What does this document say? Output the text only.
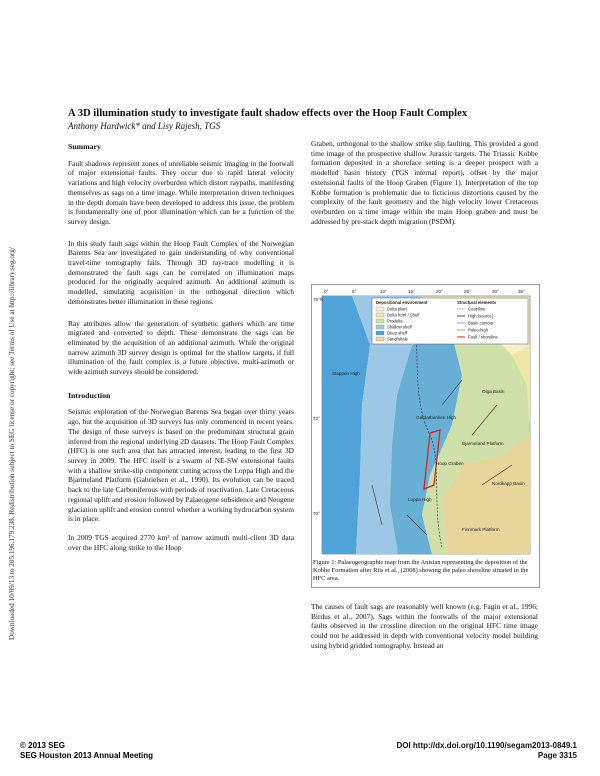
Downloaded 10/09/13 to 205.196.179.238. Redistribution subject to SEG license or copyright; see Terms of Use at http://library.seg.org/
A 3D illumination study to investigate fault shadow effects over the Hoop Fault Complex
Anthony Hardwick* and Lisy Rajesh, TGS
Summary

Fault shadows represent zones of unreliable seismic imaging in the footwall of major extensional faults. They occur due to rapid lateral velocity variations and high velocity overburden which distort raypaths, manifesting themselves as sags on a time image. While interpretation driven techniques in the depth domain have been developed to address this issue, the problem is fundamentally one of poor illumination which can be a function of the survey design.

In this study fault sags within the Hoop Fault Complex of the Norwegian Barents Sea are investigated to gain understanding of why conventional travel-time tomography fails. Through 3D ray-trace modelling it is demonstrated the fault sags can be correlated on illumination maps produced for the originally acquired azimuth. An additional azimuth is modelled, simulating acquisition in the orthogonal direction which demonstrates better illumination in these regions.

Ray attributes allow the generation of synthetic gathers which are time migrated and converted to depth. These demonstrate the sags can be eliminated by the acquisition of an additional azimuth. While the original narrow azimuth 3D survey design is optimal for the shallow targets, if full illumination of the fault complex is a future objective, multi-azimuth or wide azimuth surveys should be considered.

Introduction

Seismic exploration of the Norwegian Barents Sea began over thirty years ago, but the acquisition of 3D surveys has only commenced in recent years. The design of these surveys is based on the predominant structural grain inferred from the regional underlying 2D datasets. The Hoop Fault Complex (HFC) is one such area that has attracted interest, leading to the first 3D survey in 2009. The HFC itself is a swarm of NE-SW extensional faults with a shallow strike-slip component cutting across the Loppa High and the Bjarmeland Platform (Gabrielsen et al., 1990). Its evolution can be traced back to the late Carboniferous with periods of reactivation. Late Cretaceous regional uplift and erosion followed by Palaeogene subsidence and Neogene glaciation uplift and erosion control whether a working hydrocarbon system is in place.

In 2009 TGS acquired 2770 km² of narrow azimuth multi-client 3D data over the HFC along strike to the Hoop

Graben, orthogonal to the shallow strike slip faulting. This provided a good time image of the prospective shallow Jurassic targets. The Triassic Kobbe formation deposited in a shoreface setting is a deeper prospect with a modelled basin history (TGS internal report), offset by the major extensional faults of the Hoop Graben (Figure 1). Interpretation of the top Kobbe formation is problematic due to ficticious distortions caused by the complexity of the fault geometry and the high velocity lower Cretaceous overburden on a time image within the main Hoop graben and must be addressed by pre-stack depth migration (PSDM).

0°	5°	10°	15°	20°	25°	30°	35°
Depositional environment	Structural elements
Delta plain
Delta front / Shelf
Prodelta
Shallow shelf
Deep shelf
Sand/shale
Coastline
High (source)
Basin contour
Paleo-high
Fault / shoreline
75°N
72°
70°
Stappen High
Loppa High
Olga Basin
Bjarmeland Platform
Gardarbanken High
Hoop Graben
Finnmark Platform
Nordkapp Basin
Figure 1: Palaeogeographic map from the Anisian representing the deposition of the Kobbe Formation after Riis et al., (2008) showing the paleo shoreline situated in the HFC area.

The causes of fault sags are reasonably well known (e.g. Fagin et al., 1996; Birdus et al., 2007). Sags within the footwalls of the major extensional faults observed in the crossline direction on the original HFC time image could not be addressed in depth with conventional velocity model building using hybrid gridded tomography. Instead an

© 2013 SEG
SEG Houston 2013 Annual Meeting
DOI http://dx.doi.org/10.1190/segam2013-0849.1
Page 3315
